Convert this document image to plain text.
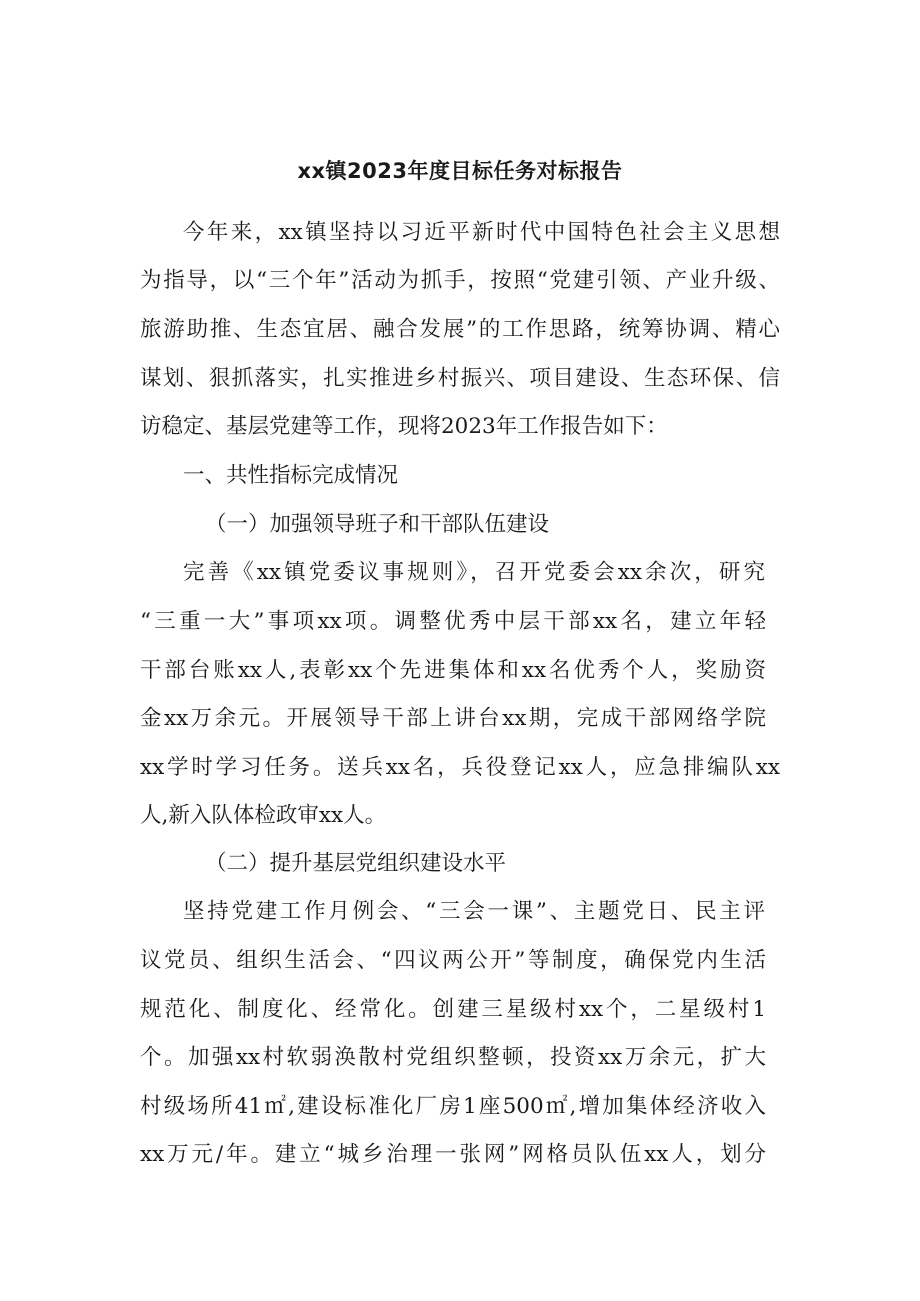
xx镇2023年度目标任务对标报告
今年来，xx镇坚持以习近平新时代中国特色社会主义思想
为指导，以“三个年”活动为抓手，按照“党建引领、产业升级、
旅游助推、生态宜居、融合发展”的工作思路，统筹协调、精心
谋划、狠抓落实，扎实推进乡村振兴、项目建设、生态环保、信
访稳定、基层党建等工作，现将2023年工作报告如下：
一、共性指标完成情况
（一）加强领导班子和干部队伍建设
完善《xx镇党委议事规则》，召开党委会xx余次，研究
“三重一大”事项xx项。调整优秀中层干部xx名，建立年轻
干部台账xx人,表彰xx个先进集体和xx名优秀个人，奖励资
金xx万余元。开展领导干部上讲台xx期，完成干部网络学院
xx学时学习任务。送兵xx名，兵役登记xx人，应急排编队xx
人,新入队体检政审xx人。
（二）提升基层党组织建设水平
坚持党建工作月例会、“三会一课”、主题党日、民主评
议党员、组织生活会、“四议两公开”等制度，确保党内生活
规范化、制度化、经常化。创建三星级村xx个，二星级村1
个。加强xx村软弱涣散村党组织整顿，投资xx万余元，扩大
村级场所41㎡,建设标准化厂房1座500㎡,增加集体经济收入
xx万元/年。建立“城乡治理一张网”网格员队伍xx人，划分
